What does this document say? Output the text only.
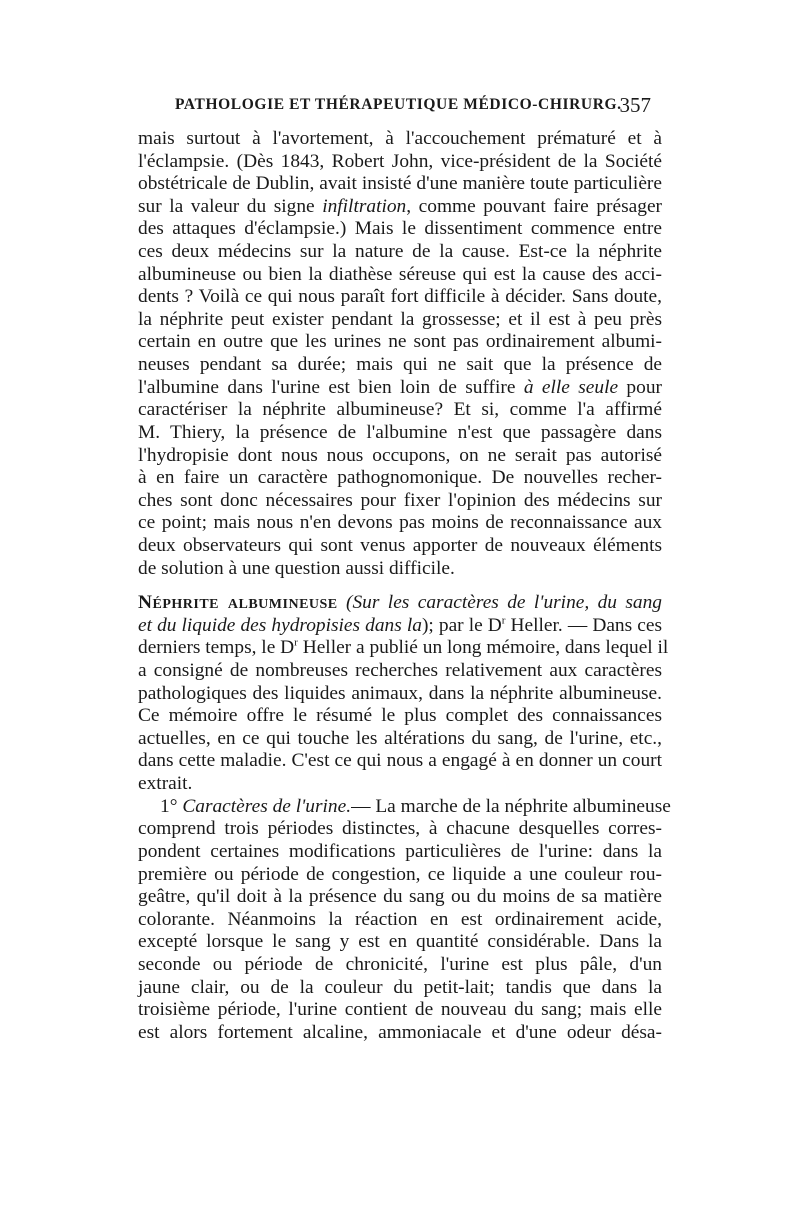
PATHOLOGIE ET THÉRAPEUTIQUE MÉDICO-CHIRURG.
357
mais surtout à l'avortement, à l'accouchement prématuré et à
l'éclampsie. (Dès 1843, Robert John, vice-président de la Société
obstétricale de Dublin, avait insisté d'une manière toute particulière
sur la valeur du signe infiltration, comme pouvant faire présager
des attaques d'éclampsie.) Mais le dissentiment commence entre
ces deux médecins sur la nature de la cause. Est-ce la néphrite
albumineuse ou bien la diathèse séreuse qui est la cause des acci-
dents ? Voilà ce qui nous paraît fort difficile à décider. Sans doute,
la néphrite peut exister pendant la grossesse; et il est à peu près
certain en outre que les urines ne sont pas ordinairement albumi-
neuses pendant sa durée; mais qui ne sait que la présence de
l'albumine dans l'urine est bien loin de suffire à elle seule pour
caractériser la néphrite albumineuse? Et si, comme l'a affirmé
M. Thiery, la présence de l'albumine n'est que passagère dans
l'hydropisie dont nous nous occupons, on ne serait pas autorisé
à en faire un caractère pathognomonique. De nouvelles recher-
ches sont donc nécessaires pour fixer l'opinion des médecins sur
ce point; mais nous n'en devons pas moins de reconnaissance aux
deux observateurs qui sont venus apporter de nouveaux éléments
de solution à une question aussi difficile.
Néphrite albumineuse (Sur les caractères de l'urine, du sang
et du liquide des hydropisies dans la); par le $D^r$ Heller. — Dans ces
derniers temps, le $D^r$ Heller a publié un long mémoire, dans lequel il
a consigné de nombreuses recherches relativement aux caractères
pathologiques des liquides animaux, dans la néphrite albumineuse.
Ce mémoire offre le résumé le plus complet des connaissances
actuelles, en ce qui touche les altérations du sang, de l'urine, etc.,
dans cette maladie. C'est ce qui nous a engagé à en donner un court
extrait.
1° Caractères de l'urine.— La marche de la néphrite albumineuse
comprend trois périodes distinctes, à chacune desquelles corres-
pondent certaines modifications particulières de l'urine: dans la
première ou période de congestion, ce liquide a une couleur rou-
geâtre, qu'il doit à la présence du sang ou du moins de sa matière
colorante. Néanmoins la réaction en est ordinairement acide,
excepté lorsque le sang y est en quantité considérable. Dans la
seconde ou période de chronicité, l'urine est plus pâle, d'un
jaune clair, ou de la couleur du petit-lait; tandis que dans la
troisième période, l'urine contient de nouveau du sang; mais elle
est alors fortement alcaline, ammoniacale et d'une odeur désa-
